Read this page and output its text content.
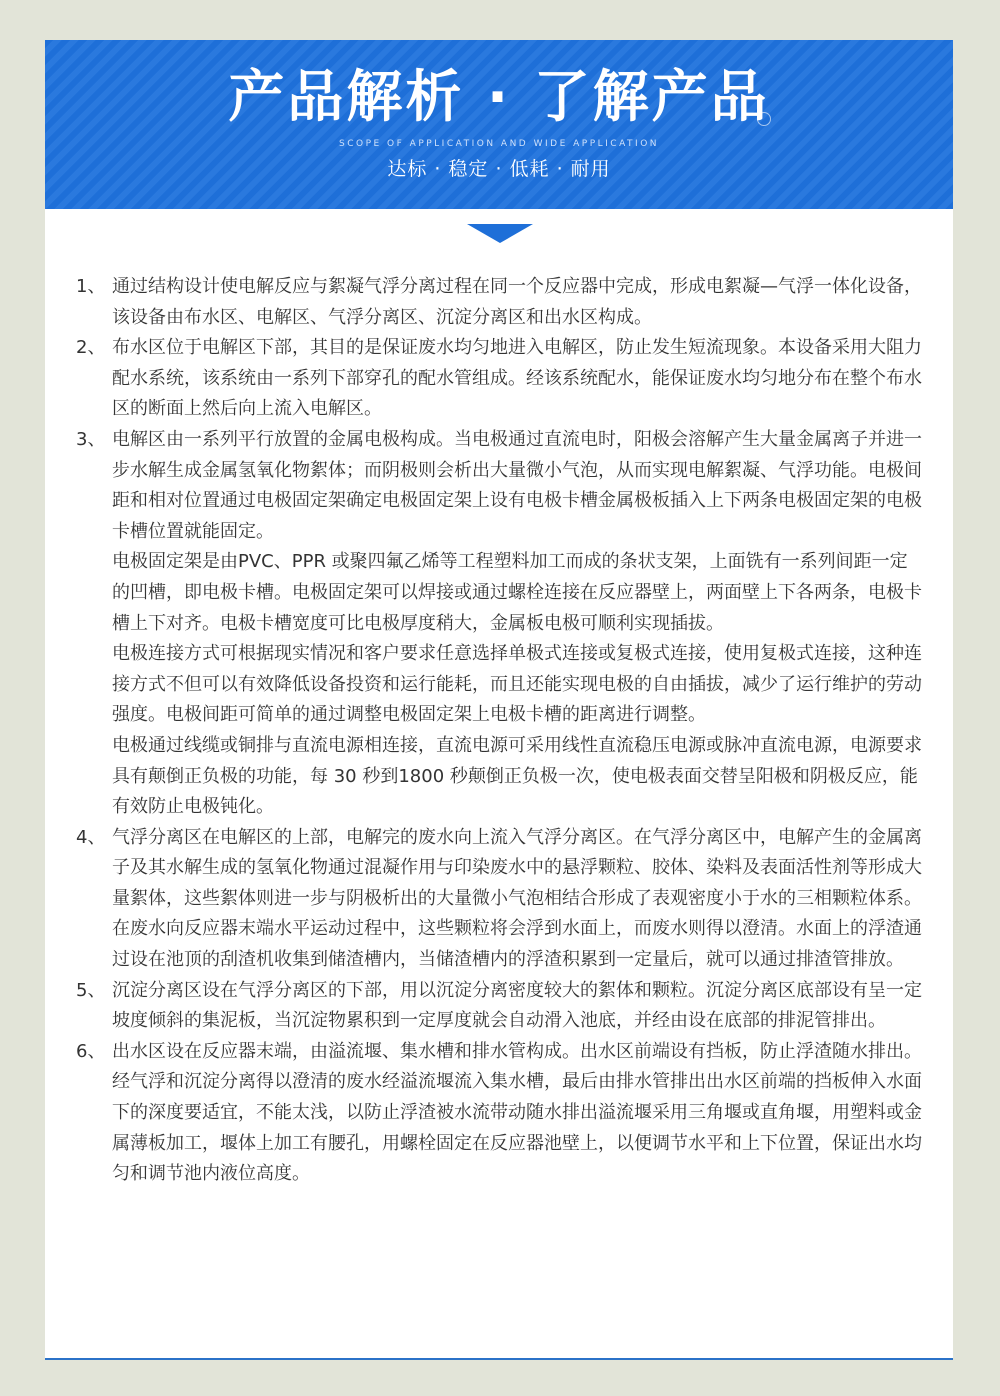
产品解析 · 了解产品
SCOPE OF APPLICATION AND WIDE APPLICATION
达标 · 稳定 · 低耗 · 耐用
1、 通过结构设计使电解反应与絮凝气浮分离过程在同一个反应器中完成，形成电絮凝—气浮一体化设备，该设备由布水区、电解区、气浮分离区、沉淀分离区和出水区构成。

2、 布水区位于电解区下部，其目的是保证废水均匀地进入电解区，防止发生短流现象。本设备采用大阻力配水系统，该系统由一系列下部穿孔的配水管组成。经该系统配水，能保证废水均匀地分布在整个布水区的断面上然后向上流入电解区。

3、 电解区由一系列平行放置的金属电极构成。当电极通过直流电时，阳极会溶解产生大量金属离子并进一步水解生成金属氢氧化物絮体；而阴极则会析出大量微小气泡，从而实现电解絮凝、气浮功能。电极间距和相对位置通过电极固定架确定电极固定架上设有电极卡槽金属极板插入上下两条电极固定架的电极卡槽位置就能固定。

电极固定架是由PVC、PPR 或聚四氟乙烯等工程塑料加工而成的条状支架，上面铣有一系列间距一定的凹槽，即电极卡槽。电极固定架可以焊接或通过螺栓连接在反应器壁上，两面壁上下各两条，电极卡槽上下对齐。电极卡槽宽度可比电极厚度稍大，金属板电极可顺利实现插拔。

电极连接方式可根据现实情况和客户要求任意选择单极式连接或复极式连接，使用复极式连接，这种连接方式不但可以有效降低设备投资和运行能耗，而且还能实现电极的自由插拔，减少了运行维护的劳动强度。电极间距可简单的通过调整电极固定架上电极卡槽的距离进行调整。

电极通过线缆或铜排与直流电源相连接，直流电源可采用线性直流稳压电源或脉冲直流电源，电源要求具有颠倒正负极的功能，每 30 秒到1800 秒颠倒正负极一次，使电极表面交替呈阳极和阴极反应，能有效防止电极钝化。

4、 气浮分离区在电解区的上部，电解完的废水向上流入气浮分离区。在气浮分离区中，电解产生的金属离子及其水解生成的氢氧化物通过混凝作用与印染废水中的悬浮颗粒、胶体、染料及表面活性剂等形成大量絮体，这些絮体则进一步与阴极析出的大量微小气泡相结合形成了表观密度小于水的三相颗粒体系。在废水向反应器末端水平运动过程中，这些颗粒将会浮到水面上，而废水则得以澄清。水面上的浮渣通过设在池顶的刮渣机收集到储渣槽内，当储渣槽内的浮渣积累到一定量后，就可以通过排渣管排放。

5、 沉淀分离区设在气浮分离区的下部，用以沉淀分离密度较大的絮体和颗粒。沉淀分离区底部设有呈一定坡度倾斜的集泥板，当沉淀物累积到一定厚度就会自动滑入池底，并经由设在底部的排泥管排出。

6、 出水区设在反应器末端，由溢流堰、集水槽和排水管构成。出水区前端设有挡板，防止浮渣随水排出。经气浮和沉淀分离得以澄清的废水经溢流堰流入集水槽，最后由排水管排出出水区前端的挡板伸入水面下的深度要适宜，不能太浅，以防止浮渣被水流带动随水排出溢流堰采用三角堰或直角堰，用塑料或金属薄板加工，堰体上加工有腰孔，用螺栓固定在反应器池壁上，以便调节水平和上下位置，保证出水均匀和调节池内液位高度。
